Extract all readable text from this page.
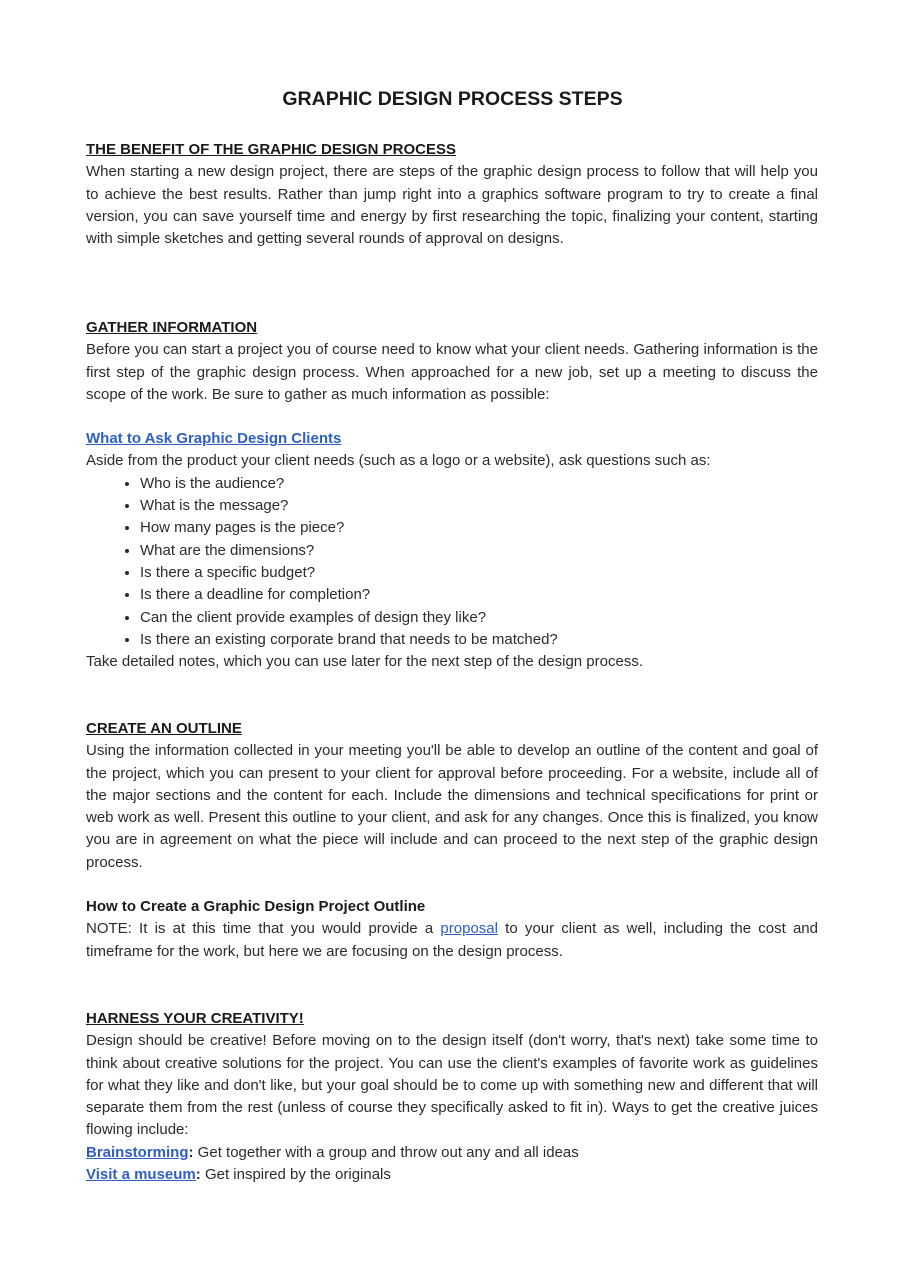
GRAPHIC DESIGN PROCESS STEPS
THE BENEFIT OF THE GRAPHIC DESIGN PROCESS

When starting a new design project, there are steps of the graphic design process to follow that will help you to achieve the best results. Rather than jump right into a graphics software program to try to create a final version, you can save yourself time and energy by first researching the topic, finalizing your content, starting with simple sketches and getting several rounds of approval on designs.

GATHER INFORMATION

Before you can start a project you of course need to know what your client needs. Gathering information is the first step of the graphic design process. When approached for a new job, set up a meeting to discuss the scope of the work. Be sure to gather as much information as possible:

What to Ask Graphic Design Clients
Aside from the product your client needs (such as a logo or a website), ask questions such as:
• Who is the audience?
• What is the message?
• How many pages is the piece?
• What are the dimensions?
• Is there a specific budget?
• Is there a deadline for completion?
• Can the client provide examples of design they like?
• Is there an existing corporate brand that needs to be matched?
Take detailed notes, which you can use later for the next step of the design process.
CREATE AN OUTLINE

Using the information collected in your meeting you'll be able to develop an outline of the content and goal of the project, which you can present to your client for approval before proceeding. For a website, include all of the major sections and the content for each. Include the dimensions and technical specifications for print or web work as well. Present this outline to your client, and ask for any changes. Once this is finalized, you know you are in agreement on what the piece will include and can proceed to the next step of the graphic design process.

How to Create a Graphic Design Project Outline

NOTE: It is at this time that you would provide a proposal to your client as well, including the cost and timeframe for the work, but here we are focusing on the design process.

HARNESS YOUR CREATIVITY!

Design should be creative! Before moving on to the design itself (don't worry, that's next) take some time to think about creative solutions for the project. You can use the client's examples of favorite work as guidelines for what they like and don't like, but your goal should be to come up with something new and different that will separate them from the rest (unless of course they specifically asked to fit in). Ways to get the creative juices flowing include:

Brainstorming: Get together with a group and throw out any and all ideas
Visit a museum: Get inspired by the originals
